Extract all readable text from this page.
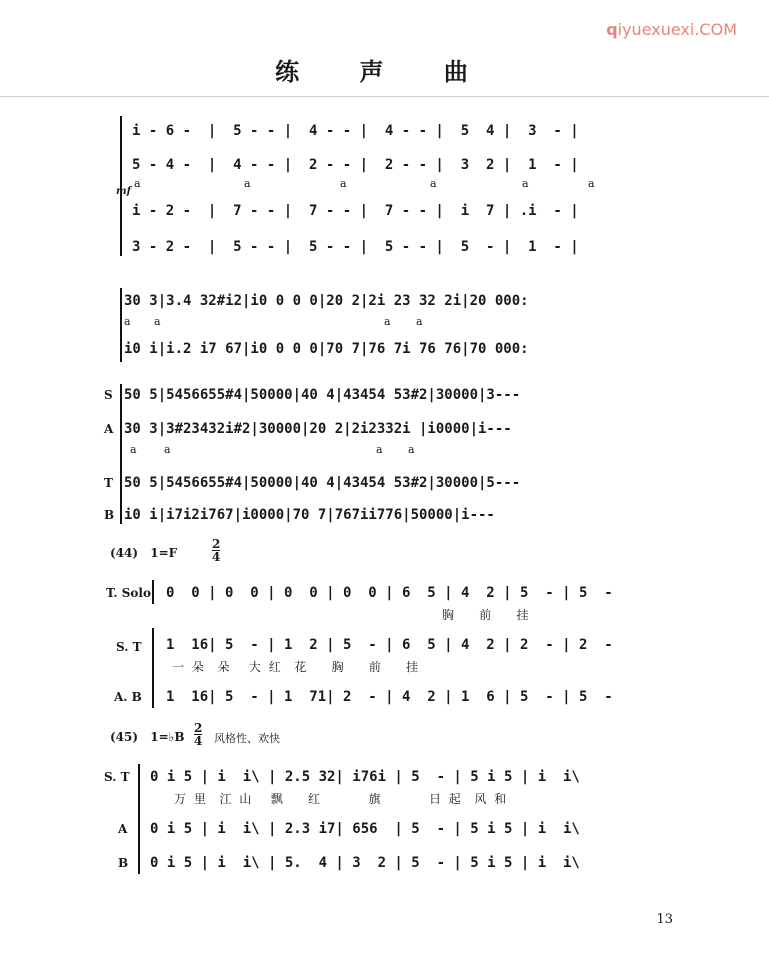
qiyuexuexi.COM
练 声 曲
mf
i - 6 -  |  5 - - |  4 - - |  4 - - |  5  4 |  3  - |
5 - 4 -  |  4 - - |  2 - - |  2 - - |  3  2 |  1  - |
a	a	a	a	a	a
i - 2 -  |  7 - - |  7 - - |  7 - - |  i  7 | .i  - |
3 - 2 -  |  5 - - |  5 - - |  5 - - |  5  - |  1  - |
30 3|3.4 32#i2|i0 0 0 0|20 2|2i 23 32 2i|20 000:
a a	a a
i0 i|i.2 i7 67|i0 0 0 0|70 7|76 7i 76 76|70 000:
S
A
T
B
50 5|5456655#4|50000|40 4|43454 53#2|30000|3---
30 3|3#23432i#2|30000|20 2|2i2332i |i0000|i---
a a	a a
50 5|5456655#4|50000|40 4|43454 53#2|30000|5---
i0 i|i7i2i767|i0000|70 7|767ii776|50000|i---
(44) 1=F
2
4
T. Solo
S. T
A. B
0  0 | 0  0 | 0  0 | 0  0 | 6  5 | 4  2 | 5  - | 5  -
胸    前    挂
1  16| 5  - | 1  2 | 5  - | 6  5 | 4  2 | 2  - | 2  -
一 朵  朵   大 红  花    胸    前    挂
1  16| 5  - | 1  71| 2  - | 4  2 | 1  6 | 5  - | 5  -
(45) 1=♭B
2
4 风格性、欢快
S. T
A
B
0 i 5 | i  i\ | 2.5 32| i76i | 5  - | 5 i 5 | i  i\
万 里  江 山   飘    红        旗        日 起  风 和
0 i 5 | i  i\ | 2.3 i7| 656  | 5  - | 5 i 5 | i  i\
0 i 5 | i  i\ | 5.  4 | 3  2 | 5  - | 5 i 5 | i  i\
13
